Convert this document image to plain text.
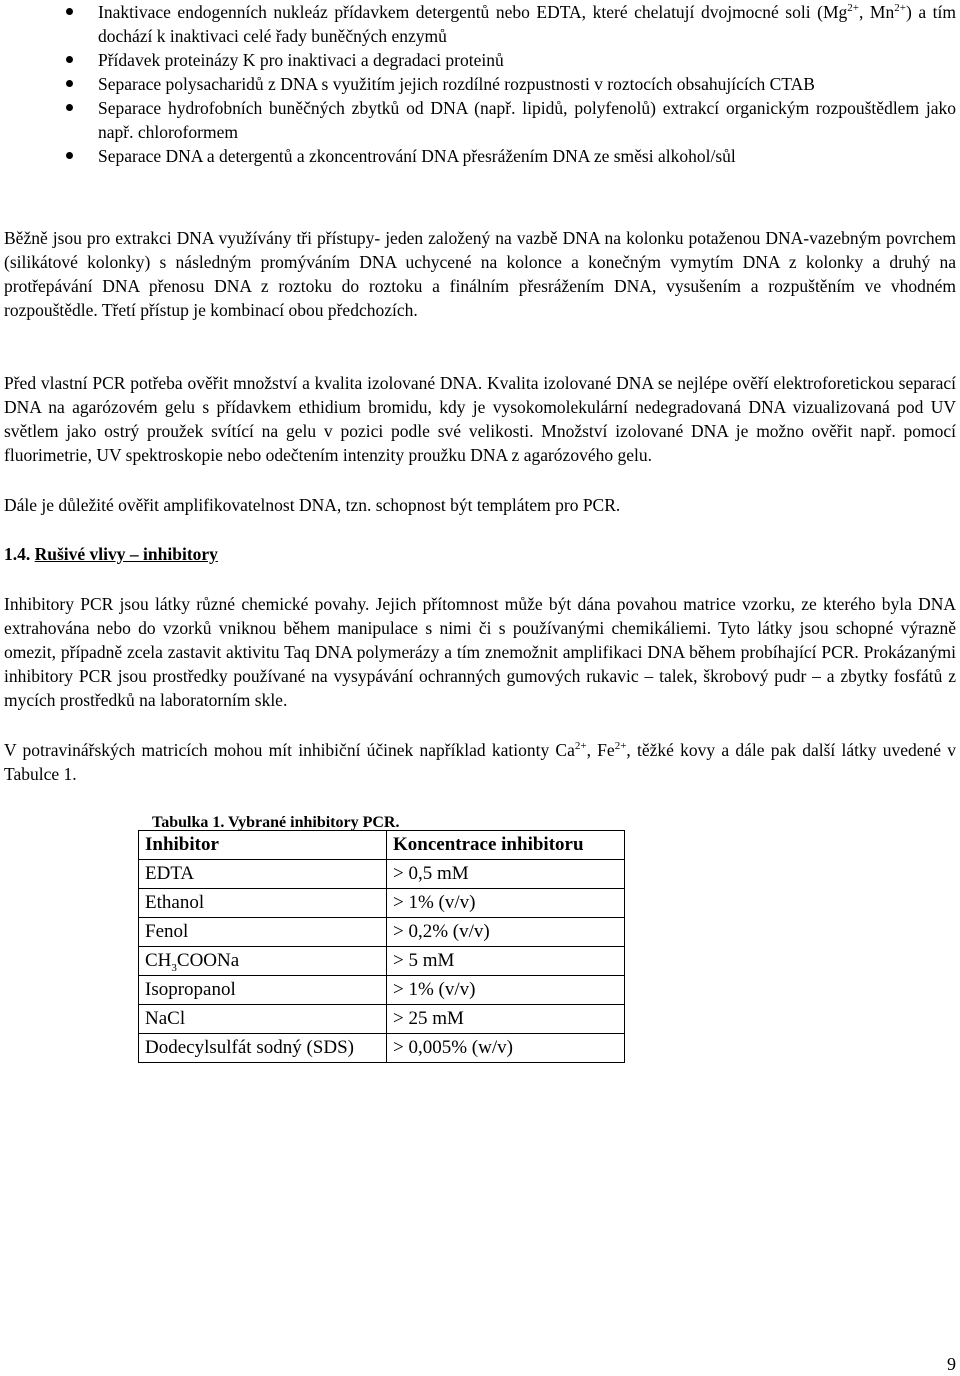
Inaktivace endogenních nukleáz přídavkem detergentů nebo EDTA, které chelatují dvojmocné soli ($Mg^{2+}$, $Mn^{2+}$) a tím dochází k inaktivaci celé řady buněčných enzymů
Přídavek proteinázy K pro inaktivaci a degradaci proteinů
Separace polysacharidů z DNA s využitím jejich rozdílné rozpustnosti v roztocích obsahujících CTAB
Separace hydrofobních buněčných zbytků od DNA (např. lipidů, polyfenolů) extrakcí organickým rozpouštědlem jako např. chloroformem
Separace DNA a detergentů a zkoncentrování DNA přesrážením DNA ze směsi alkohol/sůl

Běžně jsou pro extrakci DNA využívány tři přístupy- jeden založený na vazbě DNA na kolonku potaženou DNA-vazebným povrchem (silikátové kolonky) s následným promýváním DNA uchycené na kolonce a konečným vymytím DNA z kolonky a druhý na protřepávání DNA přenosu DNA z roztoku do roztoku a finálním přesrážením DNA, vysušením a rozpuštěním ve vhodném rozpouštědle. Třetí přístup je kombinací obou předchozích.

Před vlastní PCR potřeba ověřit množství a kvalita izolované DNA. Kvalita izolované DNA se nejlépe ověří elektroforetickou separací DNA na agarózovém gelu s přídavkem ethidium bromidu, kdy je vysokomolekulární nedegradovaná DNA vizualizovaná pod UV světlem jako ostrý proužek svítící na gelu v pozici podle své velikosti. Množství izolované DNA je možno ověřit např. pomocí fluorimetrie, UV spektroskopie nebo odečtením intenzity proužku DNA z agarózového gelu.

Dále je důležité ověřit amplifikovatelnost DNA, tzn. schopnost být templátem pro PCR.

1.4. Rušivé vlivy – inhibitory

Inhibitory PCR jsou látky různé chemické povahy. Jejich přítomnost může být dána povahou matrice vzorku, ze kterého byla DNA extrahována nebo do vzorků vniknou během manipulace s nimi či s používanými chemikáliemi. Tyto látky jsou schopné výrazně omezit, případně zcela zastavit aktivitu Taq DNA polymerázy a tím znemožnit amplifikaci DNA během probíhající PCR. Prokázanými inhibitory PCR jsou prostředky používané na vysypávání ochranných gumových rukavic – talek, škrobový pudr – a zbytky fosfátů z mycích prostředků na laboratorním skle.

V potravinářských matricích mohou mít inhibiční účinek například kationty $Ca^{2+}$, $Fe^{2+}$, těžké kovy a dále pak další látky uvedené v Tabulce 1.

Tabulka 1. Vybrané inhibitory PCR.

Inhibitor	Koncentrace inhibitoru
EDTA	> 0,5 mM
Ethanol	> 1% (v/v)
Fenol	> 0,2% (v/v)
$CH_3COONa$	> 5 mM
Isopropanol	> 1% (v/v)
NaCl	> 25 mM
Dodecylsulfát sodný (SDS)	> 0,005% (w/v)
9
